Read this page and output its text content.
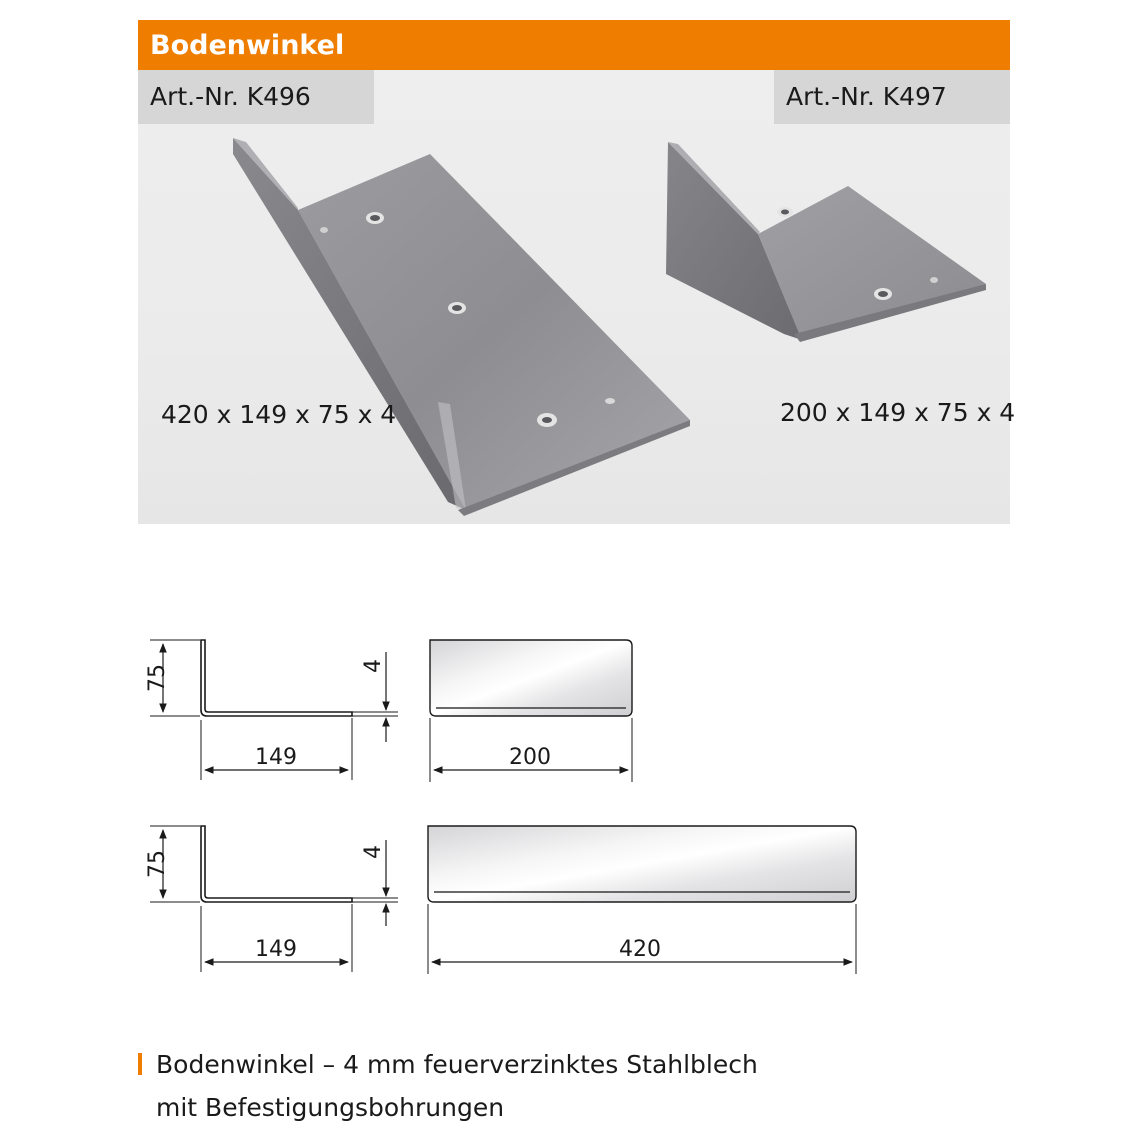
Bodenwinkel
Art.-Nr. K496	Art.-Nr. K497
420 x 149 x 75 x 4	200 x 149 x 75 x 4
75	4
149	200
75	4
149	420
Bodenwinkel – 4 mm feuerverzinktes Stahlblech
mit Befestigungsbohrungen
